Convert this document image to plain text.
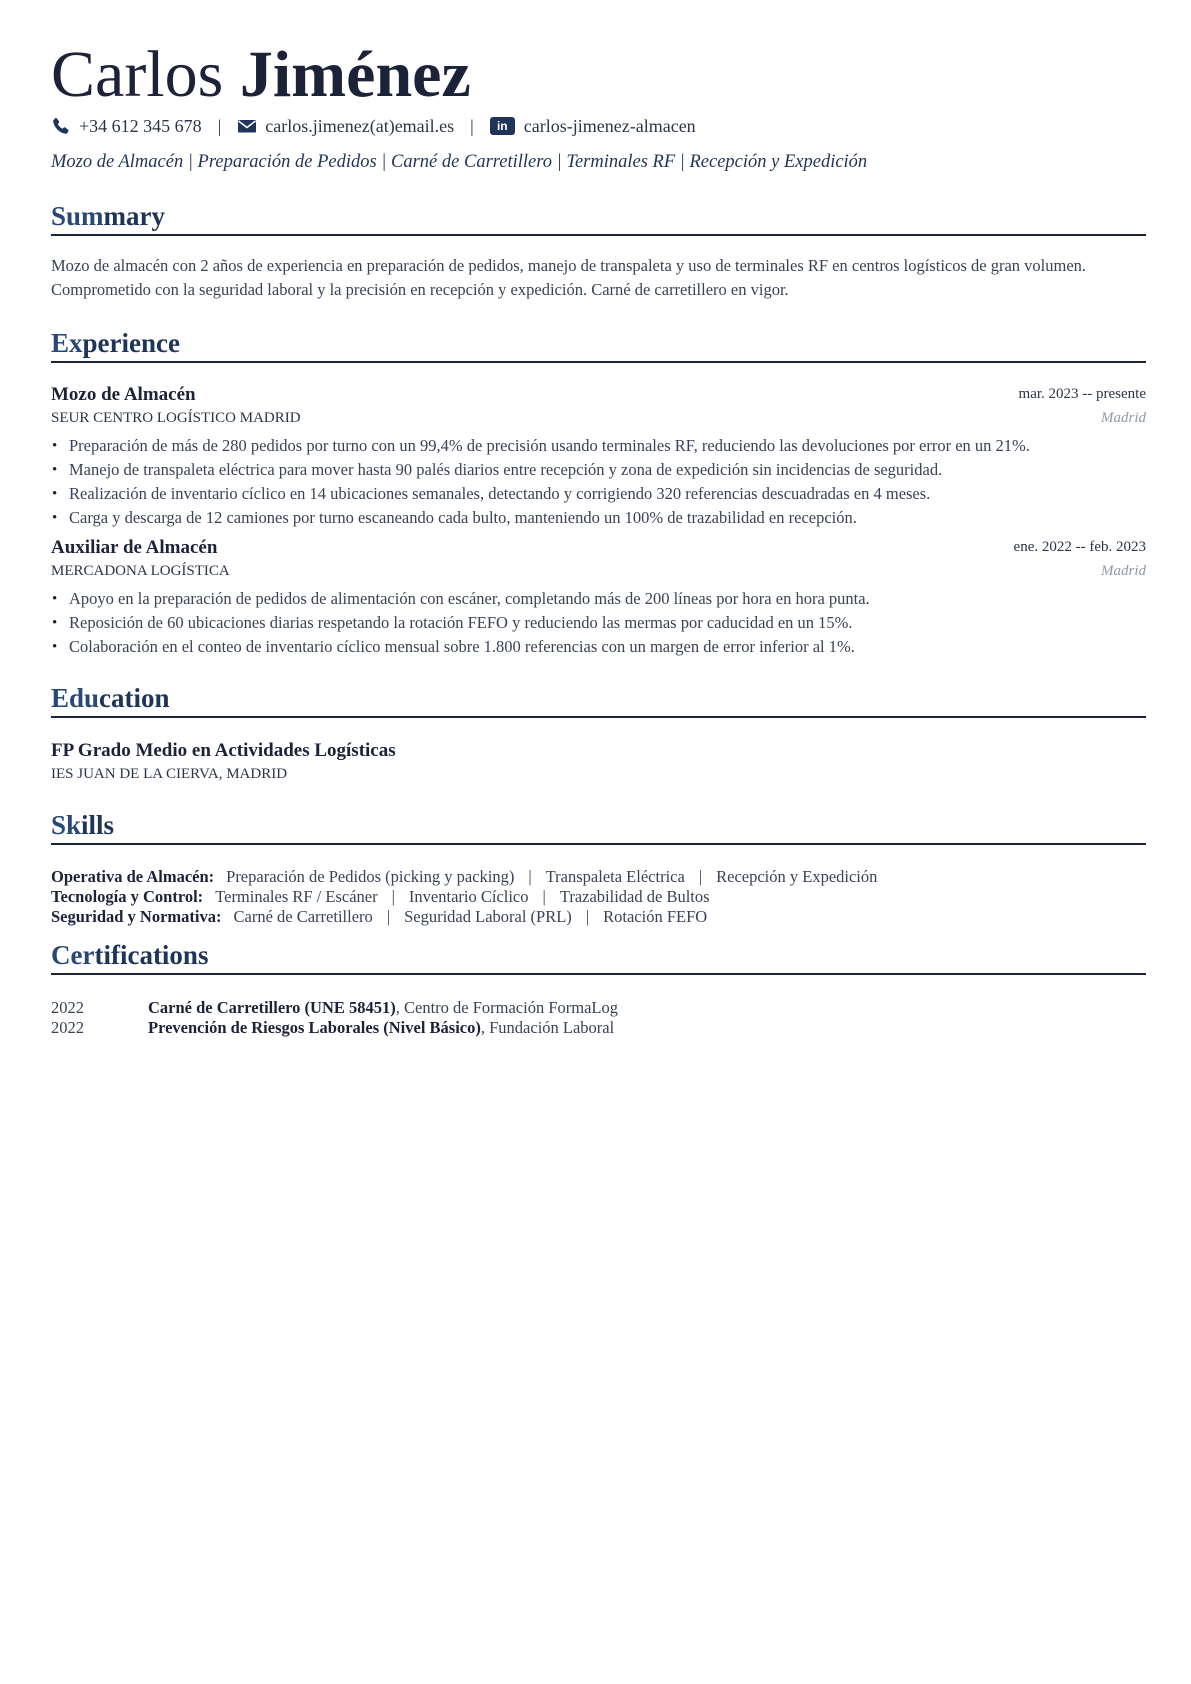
Carlos Jiménez
+34 612 345 678 | carlos.jimenez(at)email.es |	in carlos-jimenez-almacen
Mozo de Almacén | Preparación de Pedidos | Carné de Carretillero | Terminales RF | Recepción y Expedición
Summary
Mozo de almacén con 2 años de experiencia en preparación de pedidos, manejo de transpaleta y uso de terminales RF en centros logísticos de gran volumen. Comprometido con la seguridad laboral y la precisión en recepción y expedición. Carné de carretillero en vigor.
Experience
Mozo de Almacén	mar. 2023 -- presente
SEUR CENTRO LOGÍSTICO MADRID	Madrid
• Preparación de más de 280 pedidos por turno con un 99,4% de precisión usando terminales RF, reduciendo las devoluciones por error en un 21%.
• Manejo de transpaleta eléctrica para mover hasta 90 palés diarios entre recepción y zona de expedición sin incidencias de seguridad.
• Realización de inventario cíclico en 14 ubicaciones semanales, detectando y corrigiendo 320 referencias descuadradas en 4 meses.
• Carga y descarga de 12 camiones por turno escaneando cada bulto, manteniendo un 100% de trazabilidad en recepción.
Auxiliar de Almacén	ene. 2022 -- feb. 2023
MERCADONA LOGÍSTICA	Madrid
• Apoyo en la preparación de pedidos de alimentación con escáner, completando más de 200 líneas por hora en hora punta.
• Reposición de 60 ubicaciones diarias respetando la rotación FEFO y reduciendo las mermas por caducidad en un 15%.
• Colaboración en el conteo de inventario cíclico mensual sobre 1.800 referencias con un margen de error inferior al 1%.
Education
FP Grado Medio en Actividades Logísticas
IES JUAN DE LA CIERVA, MADRID
Skills
Operativa de Almacén: Preparación de Pedidos (picking y packing) | Transpaleta Eléctrica | Recepción y Expedición
Tecnología y Control: Terminales RF / Escáner | Inventario Cíclico | Trazabilidad de Bultos
Seguridad y Normativa: Carné de Carretillero | Seguridad Laboral (PRL) | Rotación FEFO
Certifications
2022	Carné de Carretillero (UNE 58451), Centro de Formación FormaLog
2022	Prevención de Riesgos Laborales (Nivel Básico), Fundación Laboral
